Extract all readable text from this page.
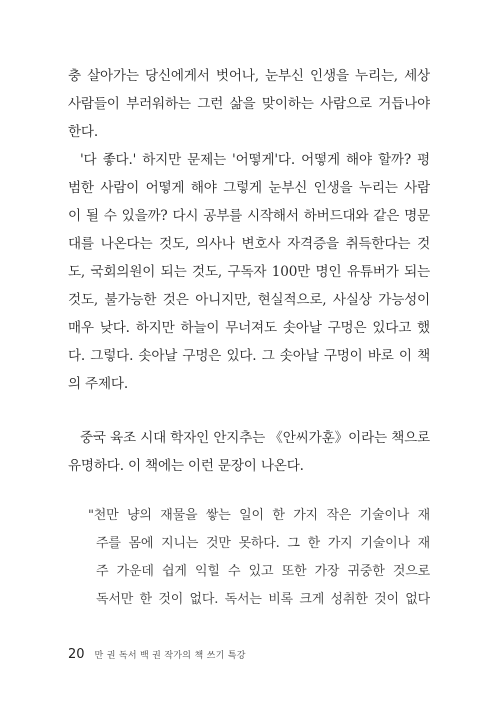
충 살아가는 당신에게서 벗어나, 눈부신 인생을 누리는, 세상
사람들이 부러워하는 그런 삶을 맞이하는 사람으로 거듭나야
한다.
'다 좋다.' 하지만 문제는 '어떻게'다. 어떻게 해야 할까? 평
범한 사람이 어떻게 해야 그렇게 눈부신 인생을 누리는 사람
이 될 수 있을까? 다시 공부를 시작해서 하버드대와 같은 명문
대를 나온다는 것도, 의사나 변호사 자격증을 취득한다는 것
도, 국회의원이 되는 것도, 구독자 100만 명인 유튜버가 되는
것도, 불가능한 것은 아니지만, 현실적으로, 사실상 가능성이
매우 낮다. 하지만 하늘이 무너져도 솟아날 구멍은 있다고 했
다. 그렇다. 솟아날 구멍은 있다. 그 솟아날 구멍이 바로 이 책
의 주제다.
중국 육조 시대 학자인 안지추는 《안씨가훈》이라는 책으로
유명하다. 이 책에는 이런 문장이 나온다.
"천만 냥의 재물을 쌓는 일이 한 가지 작은 기술이나 재
주를 몸에 지니는 것만 못하다. 그 한 가지 기술이나 재
주 가운데 쉽게 익힐 수 있고 또한 가장 귀중한 것으로
독서만 한 것이 없다. 독서는 비록 크게 성취한 것이 없다
20 만 권 독서 백 권 작가의 책 쓰기 특강
